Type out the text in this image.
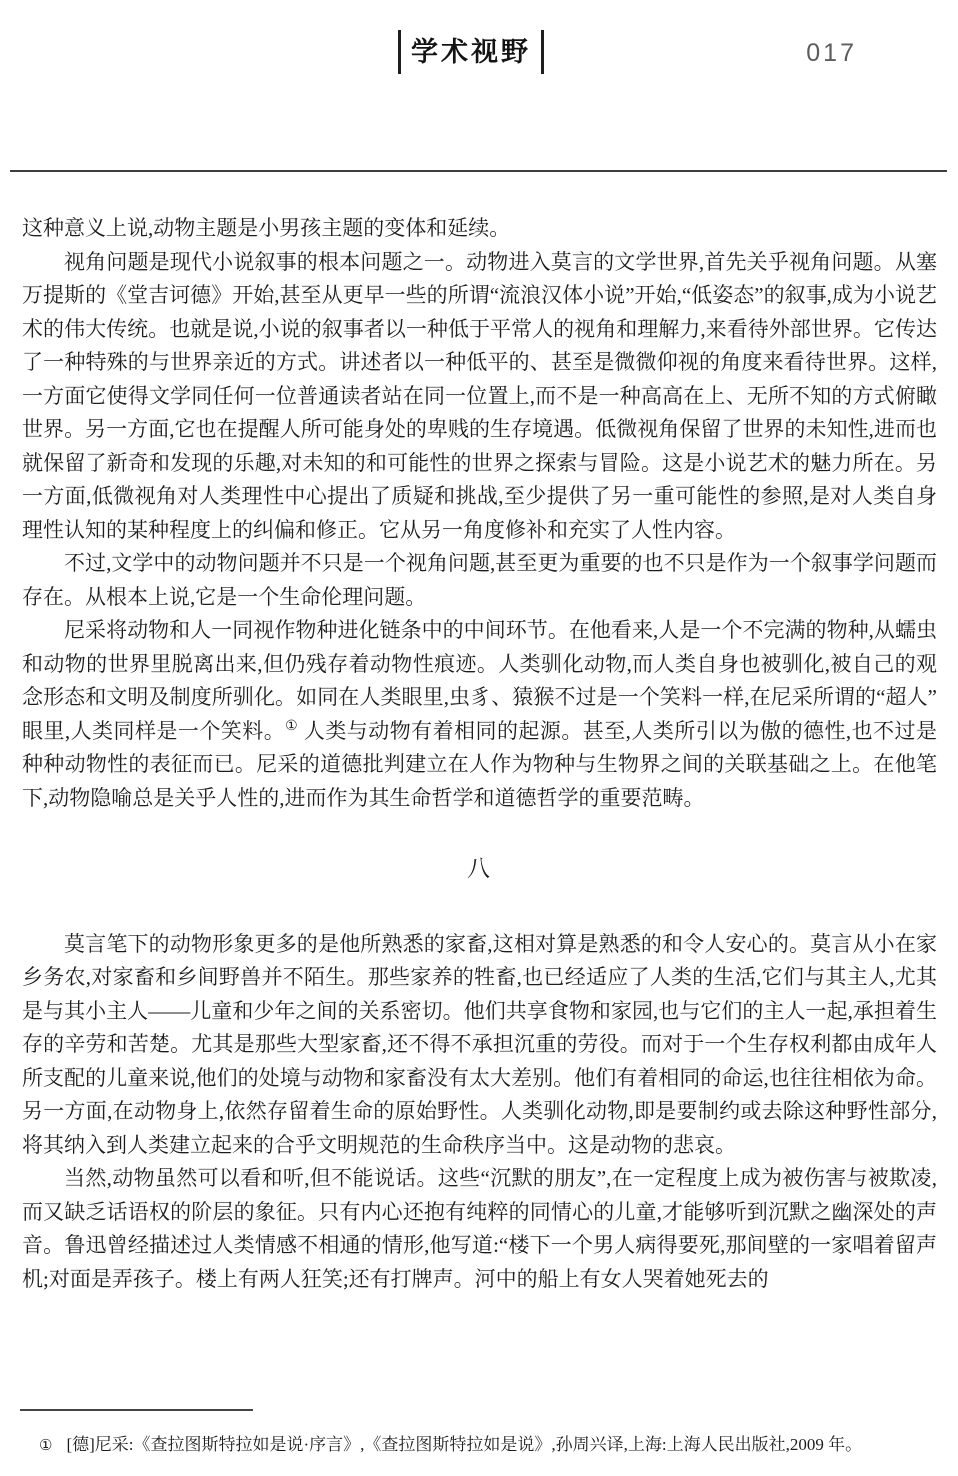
学术视野	017

这种意义上说,动物主题是小男孩主题的变体和延续。

视角问题是现代小说叙事的根本问题之一。动物进入莫言的文学世界,首先关乎视角问题。从塞万提斯的《堂吉诃德》开始,甚至从更早一些的所谓“流浪汉体小说”开始,“低姿态”的叙事,成为小说艺术的伟大传统。也就是说,小说的叙事者以一种低于平常人的视角和理解力,来看待外部世界。它传达了一种特殊的与世界亲近的方式。讲述者以一种低平的、甚至是微微仰视的角度来看待世界。这样,一方面它使得文学同任何一位普通读者站在同一位置上,而不是一种高高在上、无所不知的方式俯瞰世界。另一方面,它也在提醒人所可能身处的卑贱的生存境遇。低微视角保留了世界的未知性,进而也就保留了新奇和发现的乐趣,对未知的和可能性的世界之探索与冒险。这是小说艺术的魅力所在。另一方面,低微视角对人类理性中心提出了质疑和挑战,至少提供了另一重可能性的参照,是对人类自身理性认知的某种程度上的纠偏和修正。它从另一角度修补和充实了人性内容。

不过,文学中的动物问题并不只是一个视角问题,甚至更为重要的也不只是作为一个叙事学问题而存在。从根本上说,它是一个生命伦理问题。

尼采将动物和人一同视作物种进化链条中的中间环节。在他看来,人是一个不完满的物种,从蠕虫和动物的世界里脱离出来,但仍残存着动物性痕迹。人类驯化动物,而人类自身也被驯化,被自己的观念形态和文明及制度所驯化。如同在人类眼里,虫豸、猿猴不过是一个笑料一样,在尼采所谓的“超人”眼里,人类同样是一个笑料。① 人类与动物有着相同的起源。甚至,人类所引以为傲的德性,也不过是种种动物性的表征而已。尼采的道德批判建立在人作为物种与生物界之间的关联基础之上。在他笔下,动物隐喻总是关乎人性的,进而作为其生命哲学和道德哲学的重要范畴。

八

莫言笔下的动物形象更多的是他所熟悉的家畜,这相对算是熟悉的和令人安心的。莫言从小在家乡务农,对家畜和乡间野兽并不陌生。那些家养的牲畜,也已经适应了人类的生活,它们与其主人,尤其是与其小主人——儿童和少年之间的关系密切。他们共享食物和家园,也与它们的主人一起,承担着生存的辛劳和苦楚。尤其是那些大型家畜,还不得不承担沉重的劳役。而对于一个生存权利都由成年人所支配的儿童来说,他们的处境与动物和家畜没有太大差别。他们有着相同的命运,也往往相依为命。另一方面,在动物身上,依然存留着生命的原始野性。人类驯化动物,即是要制约或去除这种野性部分,将其纳入到人类建立起来的合乎文明规范的生命秩序当中。这是动物的悲哀。

当然,动物虽然可以看和听,但不能说话。这些“沉默的朋友”,在一定程度上成为被伤害与被欺凌,而又缺乏话语权的阶层的象征。只有内心还抱有纯粹的同情心的儿童,才能够听到沉默之幽深处的声音。鲁迅曾经描述过人类情感不相通的情形,他写道:“楼下一个男人病得要死,那间壁的一家唱着留声机;对面是弄孩子。楼上有两人狂笑;还有打牌声。河中的船上有女人哭着她死去的

① [德]尼采:《查拉图斯特拉如是说·序言》,《查拉图斯特拉如是说》,孙周兴译,上海:上海人民出版社,2009 年。
